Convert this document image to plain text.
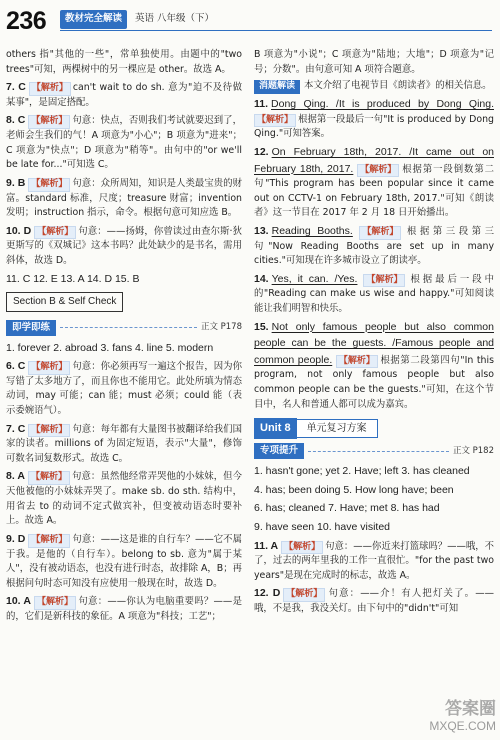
236	教材完全解读	英语 八年级（下）
others 指"其他的一些"，常单独使用。由题中的"two trees"可知，两棵树中的另一棵应是 other。故选 A。
7. C 【解析】 can't wait to do sh. 意为"迫不及待做某事"，是固定搭配。
8. C 【解析】 句意：快点，否则我们考试就要迟到了，老师会生我们的气！A 项意为"小心"；B 项意为"进来"；C 项意为"快点"；D 项意为"稍等"。由句中的"or we'll be late for..."可知选 C。
9. B 【解析】 句意：众所周知，知识是人类最宝贵的财富。standard 标准，尺度；treasure 财富；invention 发明；instruction 指示，命令。根据句意可知应选 B。
10. D 【解析】 句意：——扬姆，你曾读过由查尔斯·狄更斯写的《双城记》这本书吗？此处缺少的是书名，需用斜体，故选 D。
11. C 12. E 13. A 14. D 15. B
Section B & Self Check
即学即练	正文 P178
1. forever 2. abroad 3. fans 4. line 5. modern
6. C 【解析】 句意：你必须再写一遍这个报告，因为你写错了太多地方了，而且你也不能用它。此处所填为情态动词，may 可能；can 能；must 必须；could 能（表示委婉语气）。
7. C 【解析】 句意：每年都有大量图书被翻译给我们国家的读者。millions of 为固定短语，表示"大量"，修饰可数名词复数形式。故选 C。
8. A 【解析】 句意：虽然他经常弄哭他的小妹妹，但今天他被他的小妹妹弄哭了。make sb. do sth. 结构中，用省去 to 的动词不定式做宾补，但变被动语态时要补上。故选 A。
9. D 【解析】 句意：——这是谁的自行车？——它不属于我。是他的（自行车）。belong to sb. 意为"属于某人"，没有被动语态，也没有进行时态，故排除 A，B；再根据问句时态可知没有应使用一般现在时，故选 D。
10. A 【解析】 句意：——你认为电脑重要吗？——是的，它们是新科技的象征。A 项意为"科技；工艺"；
B 项意为"小说"；C 项意为"陆地；大地"；D 项意为"记号；分数"。由句意可知 A 项符合题意。
消题解读 本文介绍了电视节目《朗读者》的相关信息。
11. Dong Qing. /It is produced by Dong Qing. 【解析】 根据第一段最后一句"It is produced by Dong Qing."可知答案。
12. On February 18th, 2017. /It came out on February 18th, 2017. 【解析】 根据第一段倒数第二句"This program has been popular since it came out on CCTV-1 on February 18th, 2017."可知《朗读者》这一节目在 2017 年 2 月 18 日开始播出。
13. Reading Booths. 【解析】 根据第三段第三句"Now Reading Booths are set up in many cities."可知现在许多城市设立了朗读亭。
14. Yes, it can. /Yes. 【解析】 根据最后一段中的"Reading can make us wise and happy."可知阅读能让我们明智和快乐。
15. Not only famous people but also common people can be the guests. /Famous people and common people. 【解析】 根据第二段第四句"In this program, not only famous people but also common people can be the guests."可知，在这个节目中，名人和普通人都可以成为嘉宾。
Unit 8	单元复习方案
专项提升	正文 P182
1. hasn't gone; yet 2. Have; left 3. has cleaned
4. has; been doing 5. How long have; been
6. has; cleaned 7. Have; met 8. has had
9. have seen 10. have visited
11. A 【解析】 句意：——你近来打篮球吗？——哦，不了，过去的两年里我的工作一直很忙。"for the past two years"是现在完成时的标志，故选 A。
12. D 【解析】 句意：——介！有人把灯关了。——哦，不是我，我没关灯。由下句中的"didn't"可知
答案圈
MXQE.COM
